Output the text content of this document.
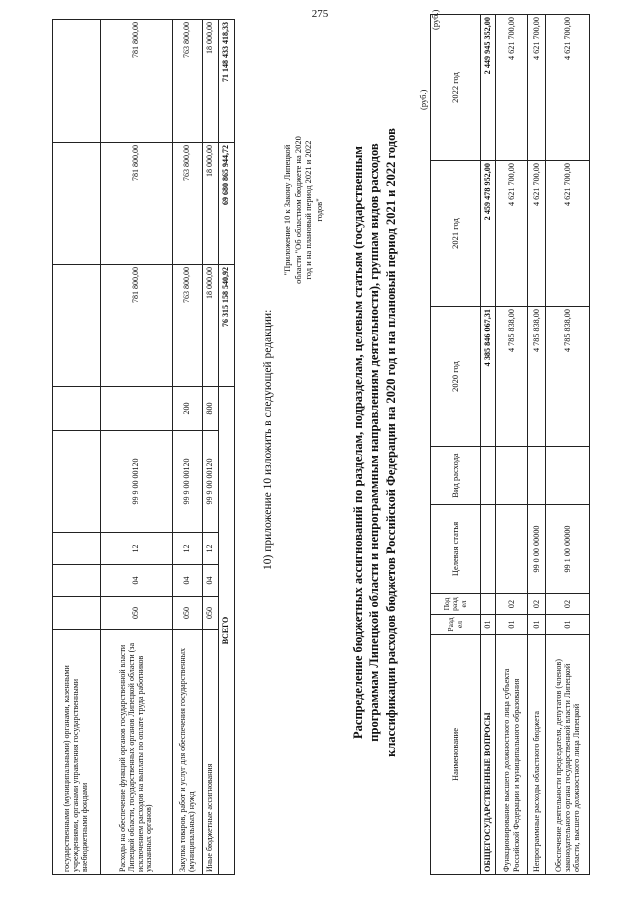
275
государственными (муниципальными) органами, казенными учреждениями, органами управления государственными внебюджетными фондами								
Расходы на обеспечение функций органов государственной власти Липецкой области, государственных органов Липецкой области (за исключением расходов на выплаты по оплате труда работников указанных органов)	050	04	12	99 9 00 00120		781 800,00	781 800,00	781 800,00
Закупка товаров, работ и услуг для обеспечения государственных (муниципальных) нужд	050	04	12	99 9 00 00120	200	763 800,00	763 800,00	763 800,00
Иные бюджетные ассигнования	050	04	12	99 9 00 00120	800	18 000,00	18 000,00	18 000,00
ВСЕГО						76 315 158 540,92	69 680 865 944,72	71 148 433 418,33
10) приложение 10 изложить в следующей редакции:
"Приложение 10 к Закону Липецкой области "Об областном бюджете на 2020 год и на плановый период 2021 и 2022 годов" Распределение бюджетных ассигнований по разделам, подразделам, целевым статьям (государственным программам Липецкой области и непрограммным направлениям деятельности), группам видов расходов классификации расходов бюджетов Российской Федерации на 2020 год и на плановый период 2021 и 2022 годов
(руб.)
(руб.)
Наименование	Раздел	Подраздел	Целевая статья	Вид расхода	2020 год	2021 год	2022 год
ОБЩЕГОСУДАРСТВЕННЫЕ ВОПРОСЫ	01				4 385 846 067,31	2 459 478 952,00	2 449 945 352,00
Функционирование высшего должностного лица субъекта Российской Федерации и муниципального образования	01	02			4 785 838,00	4 621 700,00	4 621 700,00
Непрограммные расходы областного бюджета	01	02	99 0 00 00000		4 785 838,00	4 621 700,00	4 621 700,00
Обеспечение деятельности председателя, депутатов (членов) законодательного органа государственной власти Липецкой области, высшего должностного лица Липецкой	01	02	99 1 00 00000		4 785 838,00	4 621 700,00	4 621 700,00
